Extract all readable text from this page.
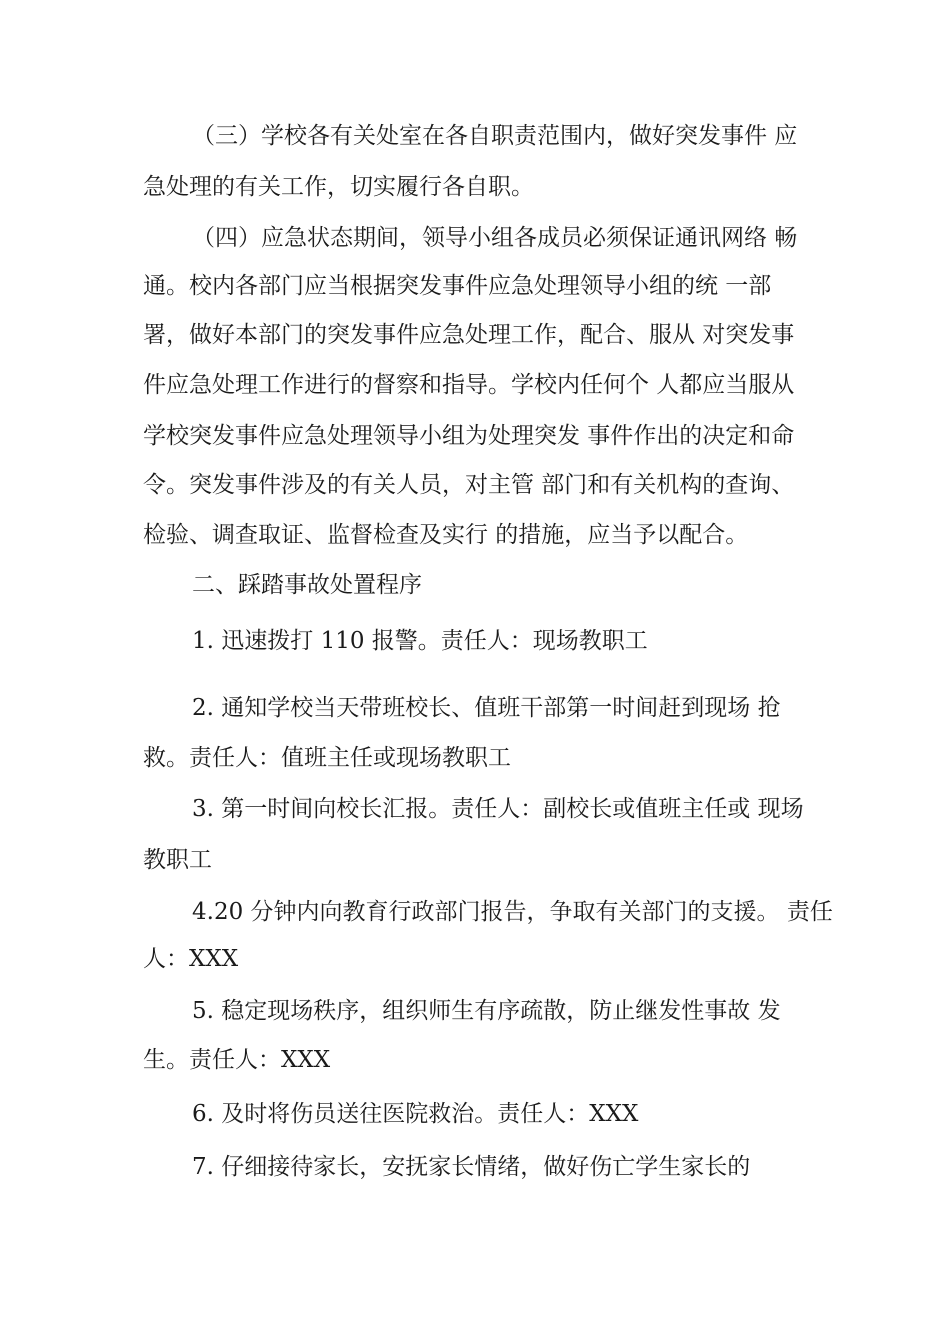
（三）学校各有关处室在各自职责范围内，做好突发事件 应
急处理的有关工作，切实履行各自职。
（四）应急状态期间，领导小组各成员必须保证通讯网络 畅
通。校内各部门应当根据突发事件应急处理领导小组的统 一部
署，做好本部门的突发事件应急处理工作，配合、服从 对突发事
件应急处理工作进行的督察和指导。学校内任何个 人都应当服从
学校突发事件应急处理领导小组为处理突发 事件作出的决定和命
令。突发事件涉及的有关人员，对主管 部门和有关机构的查询、
检验、调查取证、监督检查及实行 的措施，应当予以配合。
二、踩踏事故处置程序
1. 迅速拨打 110 报警。责任人：现场教职工
2. 通知学校当天带班校长、值班干部第一时间赶到现场 抢
救。责任人：值班主任或现场教职工
3. 第一时间向校长汇报。责任人：副校长或值班主任或 现场
教职工
4.20 分钟内向教育行政部门报告，争取有关部门的支援。 责任
人：XXX
5. 稳定现场秩序，组织师生有序疏散，防止继发性事故 发
生。责任人：XXX
6. 及时将伤员送往医院救治。责任人：XXX
7. 仔细接待家长，安抚家长情绪，做好伤亡学生家长的
